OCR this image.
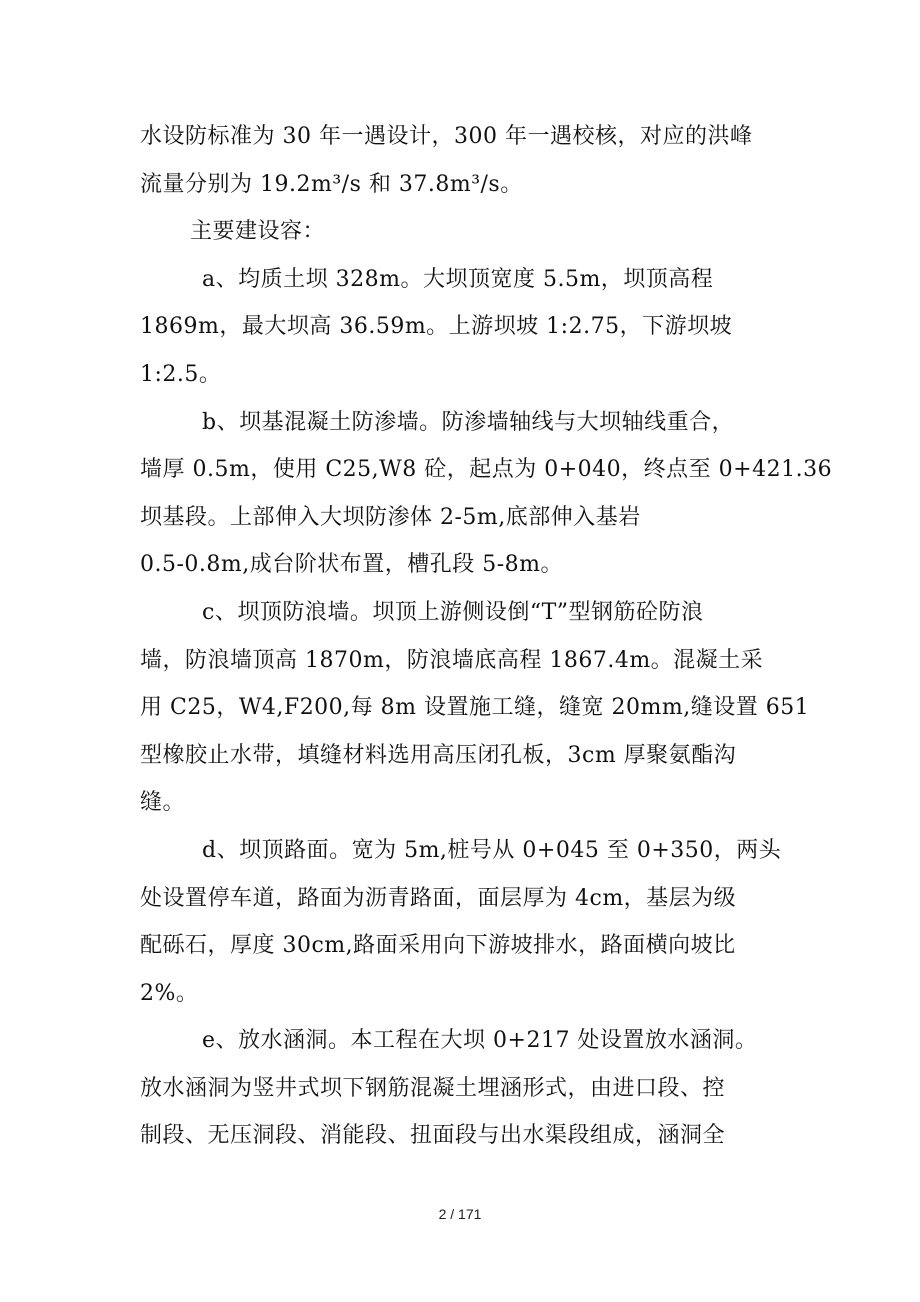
水设防标准为 30 年一遇设计，300 年一遇校核，对应的洪峰
流量分别为 19.2m³/s 和 37.8m³/s。
主要建设容：
a、均质土坝 328m。大坝顶宽度 5.5m，坝顶高程
1869m，最大坝高 36.59m。上游坝坡 1:2.75，下游坝坡
1:2.5。
b、坝基混凝土防渗墙。防渗墙轴线与大坝轴线重合，
墙厚 0.5m，使用 C25,W8 砼，起点为 0+040，终点至 0+421.36
坝基段。上部伸入大坝防渗体 2-5m,底部伸入基岩
0.5-0.8m,成台阶状布置，槽孔段 5-8m。
c、坝顶防浪墙。坝顶上游侧设倒“T”型钢筋砼防浪
墙，防浪墙顶高 1870m，防浪墙底高程 1867.4m。混凝土采
用 C25，W4,F200,每 8m 设置施工缝，缝宽 20mm,缝设置 651
型橡胶止水带，填缝材料选用高压闭孔板，3cm 厚聚氨酯沟
缝。
d、坝顶路面。宽为 5m,桩号从 0+045 至 0+350，两头
处设置停车道，路面为沥青路面，面层厚为 4cm，基层为级
配砾石，厚度 30cm,路面采用向下游坡排水，路面横向坡比
2%。
e、放水涵洞。本工程在大坝 0+217 处设置放水涵洞。
放水涵洞为竖井式坝下钢筋混凝土埋涵形式，由进口段、控
制段、无压洞段、消能段、扭面段与出水渠段组成，涵洞全
2 / 171
